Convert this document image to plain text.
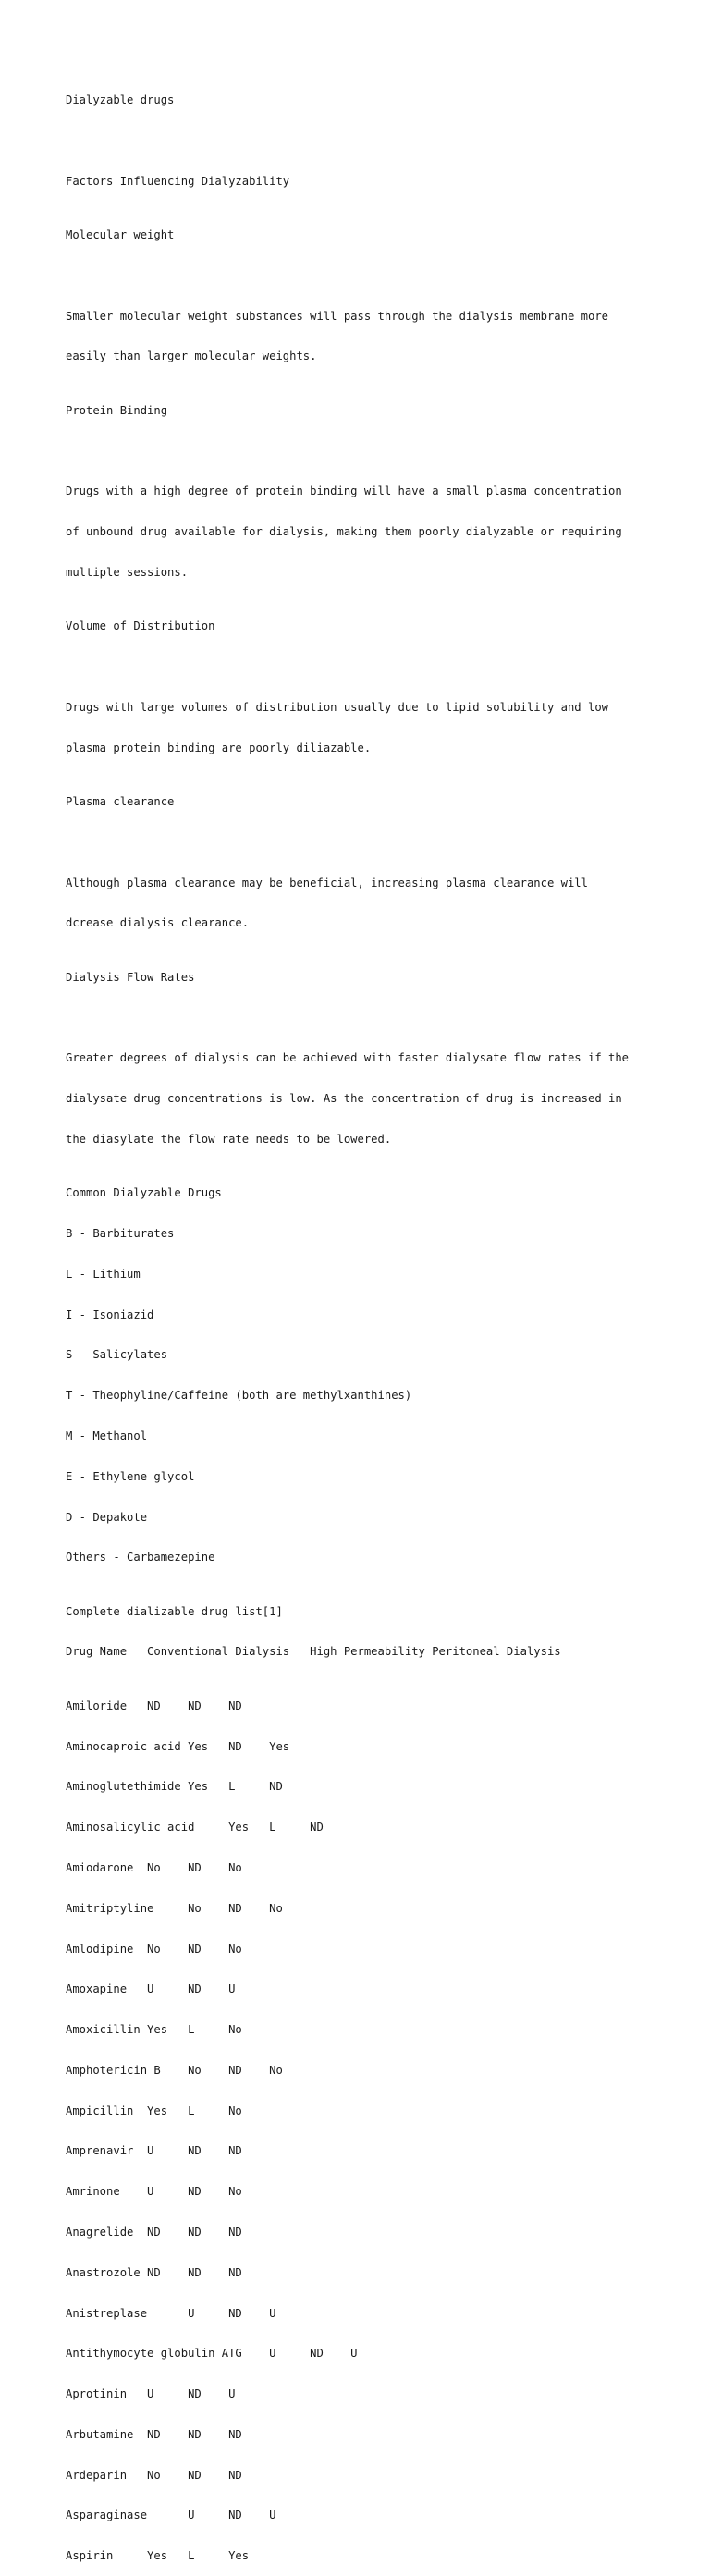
Dialyzable drugs

Factors Influencing Dialyzability

Molecular weight

Smaller molecular weight substances will pass through the dialysis membrane more

easily than larger molecular weights.

Protein Binding

Drugs with a high degree of protein binding will have a small plasma concentration

of unbound drug available for dialysis, making them poorly dialyzable or requiring

multiple sessions.

Volume of Distribution

Drugs with large volumes of distribution usually due to lipid solubility and low

plasma protein binding are poorly diliazable.

Plasma clearance

Although plasma clearance may be beneficial, increasing plasma clearance will

dcrease dialysis clearance.

Dialysis Flow Rates

Greater degrees of dialysis can be achieved with faster dialysate flow rates if the

dialysate drug concentrations is low. As the concentration of drug is increased in

the diasylate the flow rate needs to be lowered.

Common Dialyzable Drugs

B - Barbiturates

L - Lithium

I - Isoniazid

S - Salicylates

T - Theophyline/Caffeine (both are methylxanthines)

M - Methanol

E - Ethylene glycol

D - Depakote

Others - Carbamezepine

Complete dializable drug list[1]

Drug Name   Conventional Dialysis   High Permeability Peritoneal Dialysis

Amiloride   ND    ND    ND

Aminocaproic acid Yes   ND    Yes

Aminoglutethimide Yes   L     ND

Aminosalicylic acid     Yes   L     ND

Amiodarone  No    ND    No

Amitriptyline     No    ND    No

Amlodipine  No    ND    No

Amoxapine   U     ND    U

Amoxicillin Yes   L     No

Amphotericin B    No    ND    No

Ampicillin  Yes   L     No

Amprenavir  U     ND    ND

Amrinone    U     ND    No

Anagrelide  ND    ND    ND

Anastrozole ND    ND    ND

Anistreplase      U     ND    U

Antithymocyte globulin ATG    U     ND    U

Aprotinin   U     ND    U

Arbutamine  ND    ND    ND

Ardeparin   No    ND    ND

Asparaginase      U     ND    U

Aspirin     Yes   L     Yes
